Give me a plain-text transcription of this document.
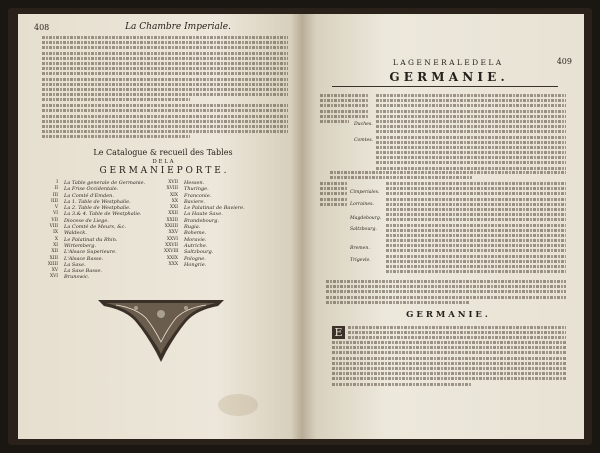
408	La Chambre Imperiale.
Le Catalogue & recueil des Tables
D E L A
G E R M A N I E P O R T E .
I La Table generale de Germanie.
II La Frise Occidentale.
III La Comté d'Emden.
IIII La 1. Table de Westphalie.
V La 2. Table de Westphalie.
VI La 3.& 4. Table de Westphalie.
VII Diocese de Liege.
VIII La Comté de Meurs, &c.
IX Waldeck.
X Le Palatinat du Rhin.
XI Wirtemberg.
XII L'Alsace Superieure.
XIII L'Alsace Basse.
XIIII La Saxe.
XV La Saxe Basse.
XVI Brunswic.
XVII Hessen.
XVIII Thuringe.
XIX Franconie.
XX Baviere.
XXI Le Palatinat de Baviere.
XXII La Haute Saxe.
XXIII Brandebourg.
XXIIII Rugia.
XXV Boheme.
XXVI Moravie.
XXVII Autriche.
XXVIII Saltzbourg.
XXIX Pologne.
XXX Hongrie.
409
L A G E N E R A L E D E L A
G E R M A N I E .
Duches.
Comtes.
Cimperiales.
Lorraines.
Magdebourg.
Saltzbourg.
Bremen.
Trigevle.
G E R M A N I E .
E
